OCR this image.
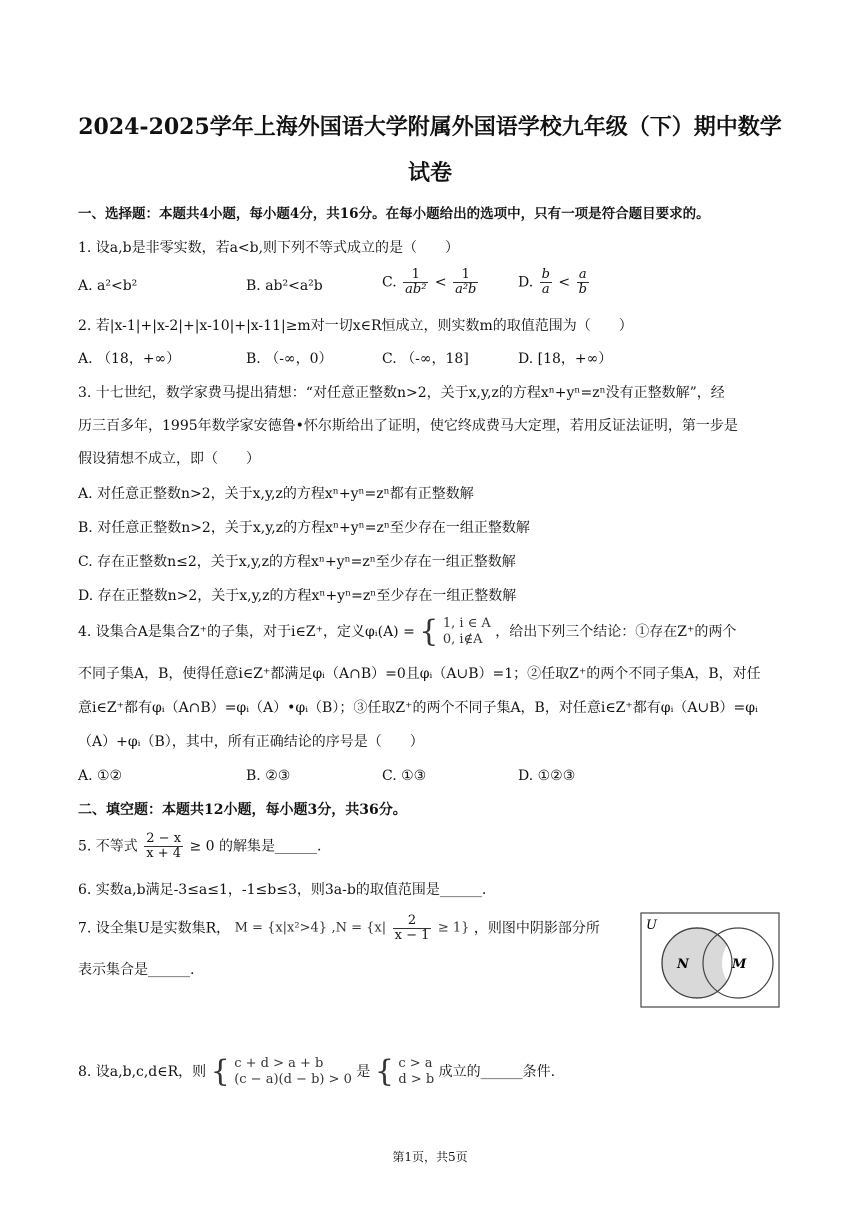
2024-2025学年上海外国语大学附属外国语学校九年级（下）期中数学
试卷
一、选择题：本题共4小题，每小题4分，共16分。在每小题给出的选项中，只有一项是符合题目要求的。
1. 设a,b是非零实数，若a<b,则下列不等式成立的是（　　）
A. a²<b²	B. ab²<a²b	C. $\frac{1}{\text{ab²}} < \frac{1}{\text{a²b}}$	D. $\frac{b}{a} < \frac{a}{b}$
2. 若|x-1|+|x-2|+|x-10|+|x-11|≥m对一切x∈R恒成立，则实数m的取值范围为（　　）
A. （18，+∞）	B. （-∞，0）	C. （-∞，18]	D. [18，+∞）
3. 十七世纪，数学家费马提出猜想：“对任意正整数n>2，关于x,y,z的方程xⁿ+yⁿ=zⁿ没有正整数解”，经
历三百多年，1995年数学家安德鲁•怀尔斯给出了证明，使它终成费马大定理，若用反证法证明，第一步是
假设猜想不成立，即（　　）
A. 对任意正整数n>2，关于x,y,z的方程xⁿ+yⁿ=zⁿ都有正整数解
B. 对任意正整数n>2，关于x,y,z的方程xⁿ+yⁿ=zⁿ至少存在一组正整数解
C. 存在正整数n≤2，关于x,y,z的方程xⁿ+yⁿ=zⁿ至少存在一组正整数解
D. 存在正整数n>2，关于x,y,z的方程xⁿ+yⁿ=zⁿ至少存在一组正整数解
4. 设集合A是集合Z⁺的子集，对于i∈Z⁺，定义φᵢ(A) = { 1, i ∈ A
0, i∉A ，给出下列三个结论：①存在Z⁺的两个
不同子集A，B，使得任意i∈Z⁺都满足φᵢ（A∩B）=0且φᵢ（A∪B）=1；②任取Z⁺的两个不同子集A，B，对任
意i∈Z⁺都有φᵢ（A∩B）=φᵢ（A）•φᵢ（B）；③任取Z⁺的两个不同子集A，B，对任意i∈Z⁺都有φᵢ（A∪B）=φᵢ
（A）+φᵢ（B），其中，所有正确结论的序号是（　　）
A. ①②	B. ②③	C. ①③	D. ①②③
二、填空题：本题共12小题，每小题3分，共36分。
5. 不等式 $\frac{2 - x}{x + 4} \ge 0$ 的解集是______.
6. 实数a,b满足-3≤a≤1，-1≤b≤3，则3a-b的取值范围是______.
7. 设全集U是实数集R， M = {x|x²>4} $,N = \{x| \frac{2}{x - 1} \ge 1\}$ ，则图中阴影部分所
表示集合是______.
U
N	M
8. 设a,b,c,d∈R，则 { c + d > a + b
(c − a)(d − b) > 0 是 { c > a
d > b 成立的______条件.
第1页，共5页
